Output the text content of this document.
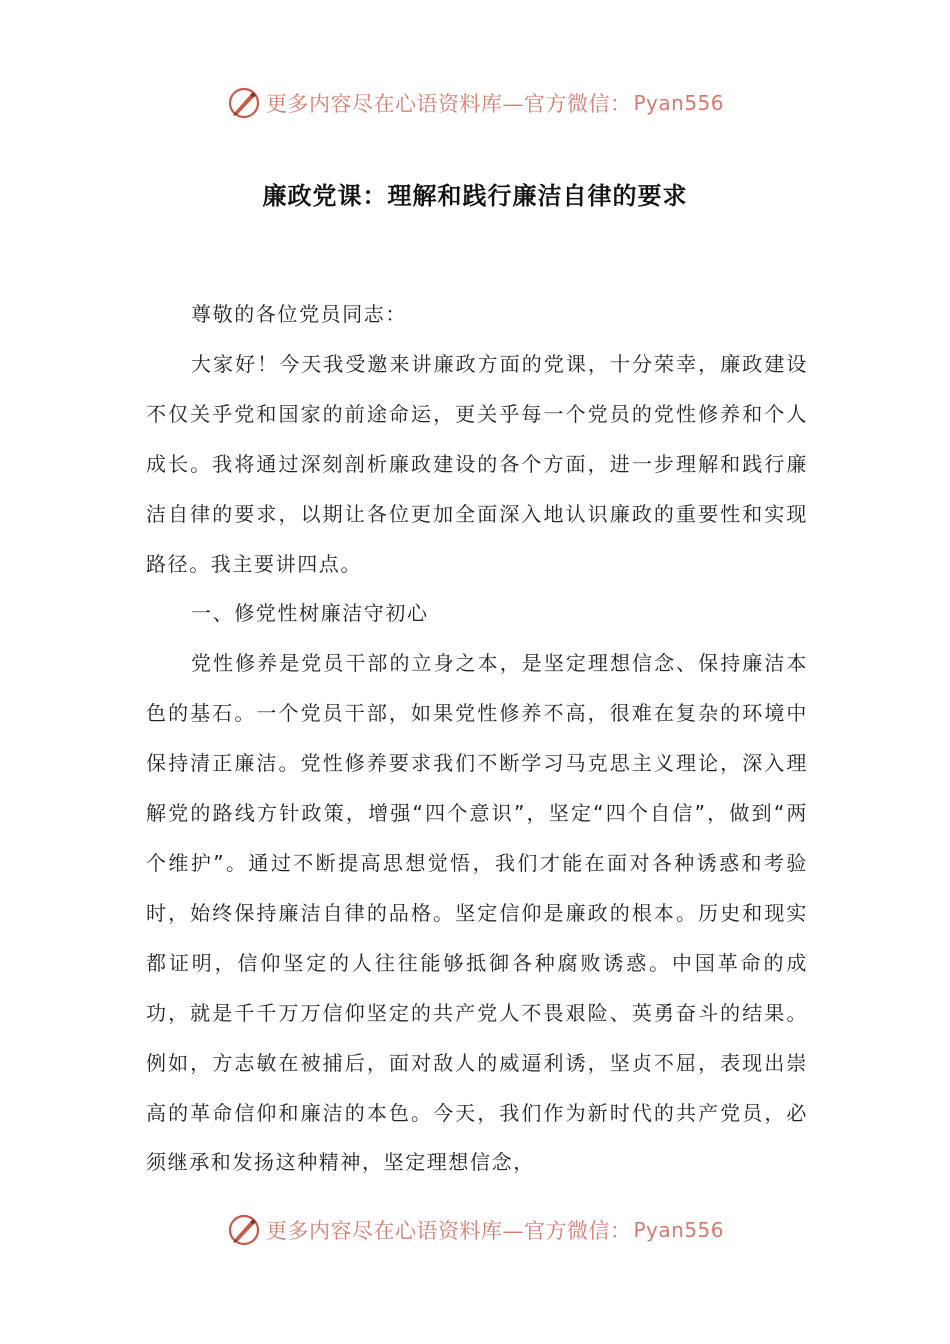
更多内容尽在心语资料库—官方微信： Pyan556
廉政党课：理解和践行廉洁自律的要求

尊敬的各位党员同志：

大家好！今天我受邀来讲廉政方面的党课，十分荣幸，廉政建设不仅关乎党和国家的前途命运，更关乎每一个党员的党性修养和个人成长。我将通过深刻剖析廉政建设的各个方面，进一步理解和践行廉洁自律的要求，以期让各位更加全面深入地认识廉政的重要性和实现路径。我主要讲四点。

一、修党性树廉洁守初心

党性修养是党员干部的立身之本，是坚定理想信念、保持廉洁本色的基石。一个党员干部，如果党性修养不高，很难在复杂的环境中保持清正廉洁。党性修养要求我们不断学习马克思主义理论，深入理解党的路线方针政策，增强“四个意识”，坚定“四个自信”，做到“两个维护”。通过不断提高思想觉悟，我们才能在面对各种诱惑和考验时，始终保持廉洁自律的品格。坚定信仰是廉政的根本。历史和现实都证明，信仰坚定的人往往能够抵御各种腐败诱惑。中国革命的成功，就是千千万万信仰坚定的共产党人不畏艰险、英勇奋斗的结果。例如，方志敏在被捕后，面对敌人的威逼利诱，坚贞不屈，表现出崇高的革命信仰和廉洁的本色。今天，我们作为新时代的共产党员，必须继承和发扬这种精神，坚定理想信念，

更多内容尽在心语资料库—官方微信： Pyan556
